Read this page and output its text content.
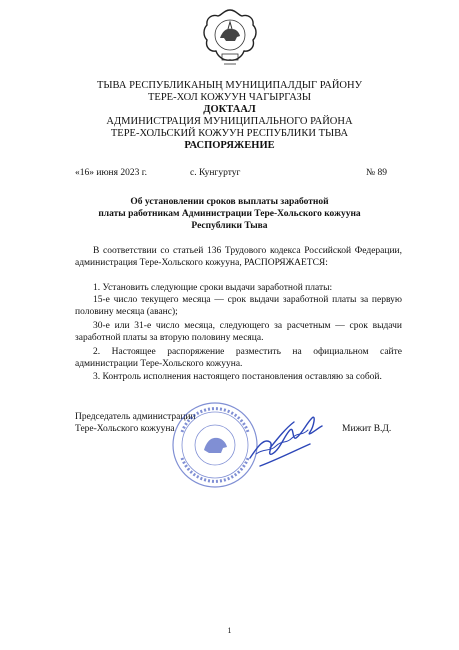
ТЫВА РЕСПУБЛИКАНЫҢ МУНИЦИПАЛДЫГ РАЙОНУ
ТЕРЕ-ХОЛ КОЖУУН ЧАГЫРГАЗЫ
ДОКТААЛ
АДМИНИСТРАЦИЯ МУНИЦИПАЛЬНОГО РАЙОНА
ТЕРЕ-ХОЛЬСКИЙ КОЖУУН РЕСПУБЛИКИ ТЫВА
РАСПОРЯЖЕНИЕ
«16» июня 2023 г.	с. Кунгуртуг	№ 89
Об установлении сроков выплаты заработной
платы работникам Администрации Тере-Хольского кожууна
Республики Тыва
В соответствии со статьей 136 Трудового кодекса Российской Федерации, администрация Тере-Хольского кожууна, РАСПОРЯЖАЕТСЯ:
1. Установить следующие сроки выдачи заработной платы:
15-е число текущего месяца — срок выдачи заработной платы за первую половину месяца (аванс);
30-е или 31-е число месяца, следующего за расчетным — срок выдачи заработной платы за вторую половину месяца.
2. Настоящее распоряжение разместить на официальном сайте администрации Тере-Хольского кожууна.
3. Контроль исполнения настоящего постановления оставляю за собой.
Председатель администрации
Тере-Хольского кожууна	Мижит В.Д.
1
